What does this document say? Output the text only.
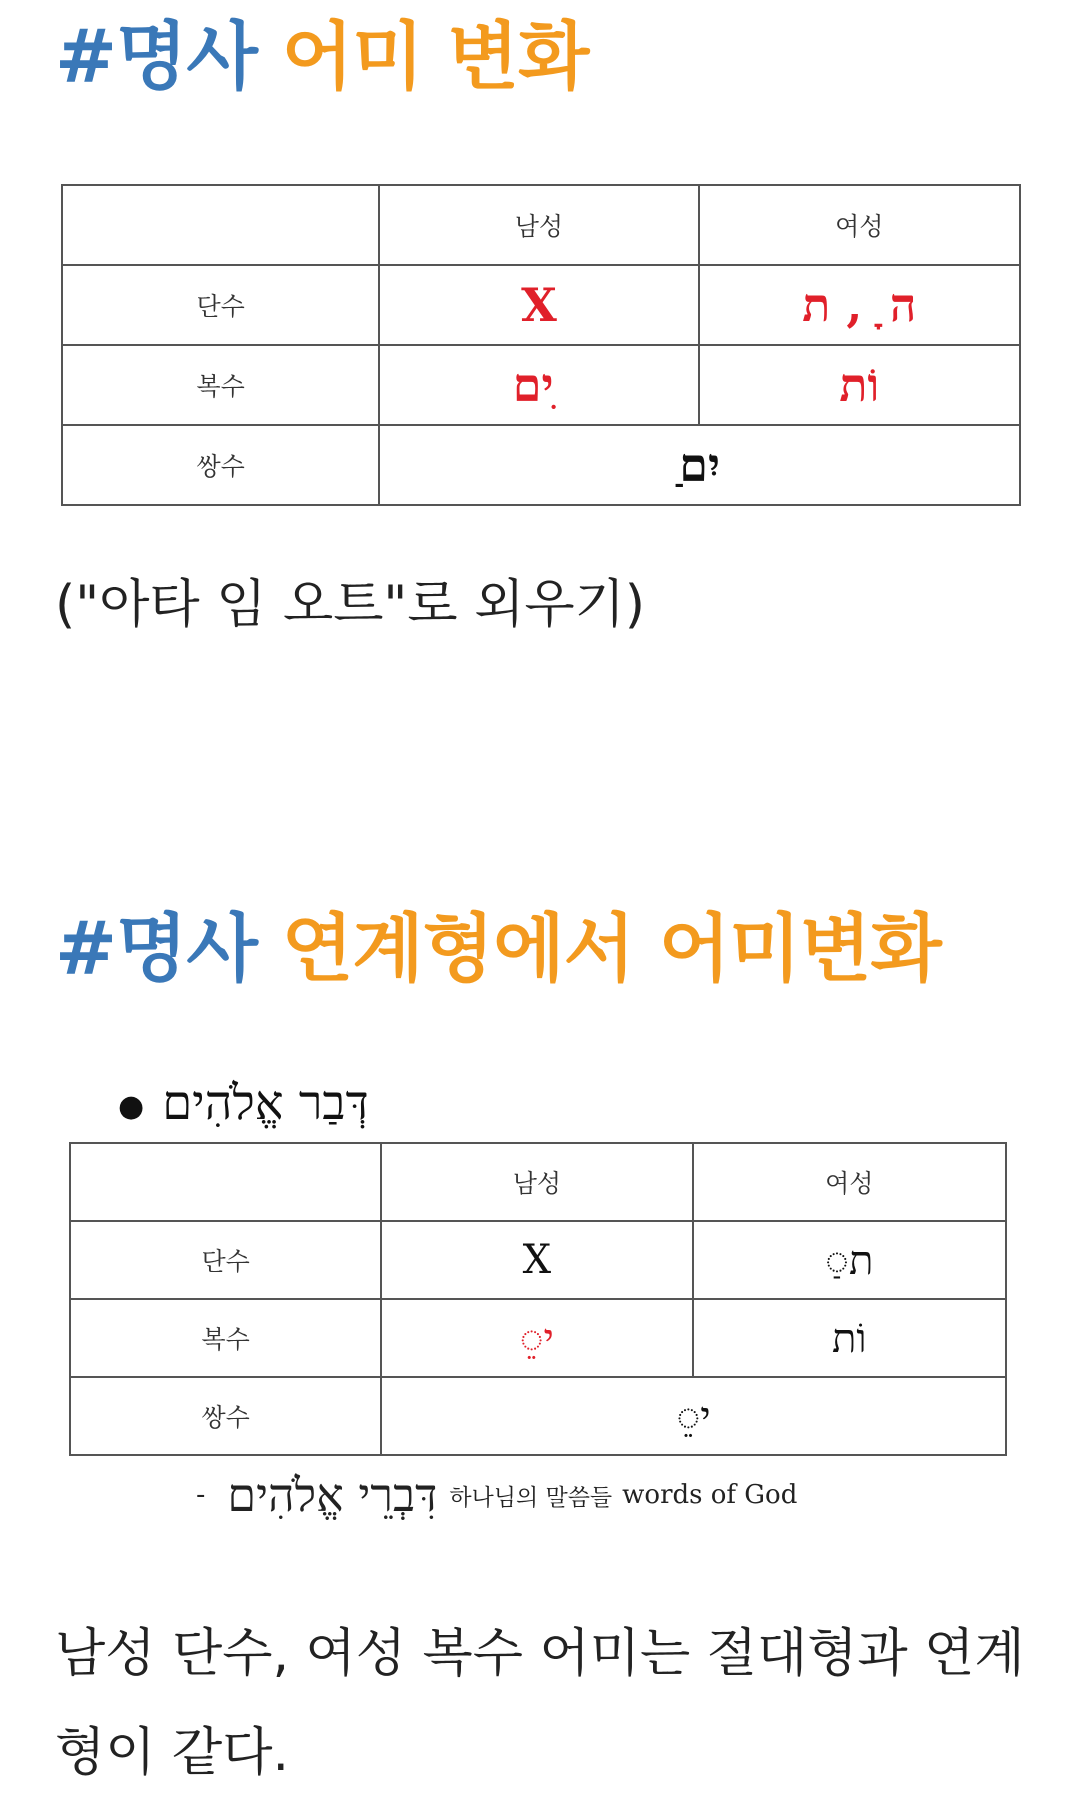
#명사 어미 변화
	남성	여성
단수	X	ה ָ , ת
복수	ים ִ	וֹת
쌍수	ַיִם	

("아타 임 오트"로 외우기)

#명사 연계형에서 어미변화
● דְּבַר אֱלֹהִים
	남성	여성
단수	X	◌ַת
복수	◌ֵי	וֹת
쌍수	◌ֵי	
- דִּבְרֵי אֱלֹהִים 하나님의 말씀들 words of God

남성 단수, 여성 복수 어미는 절대형과 연계형이 같다.
